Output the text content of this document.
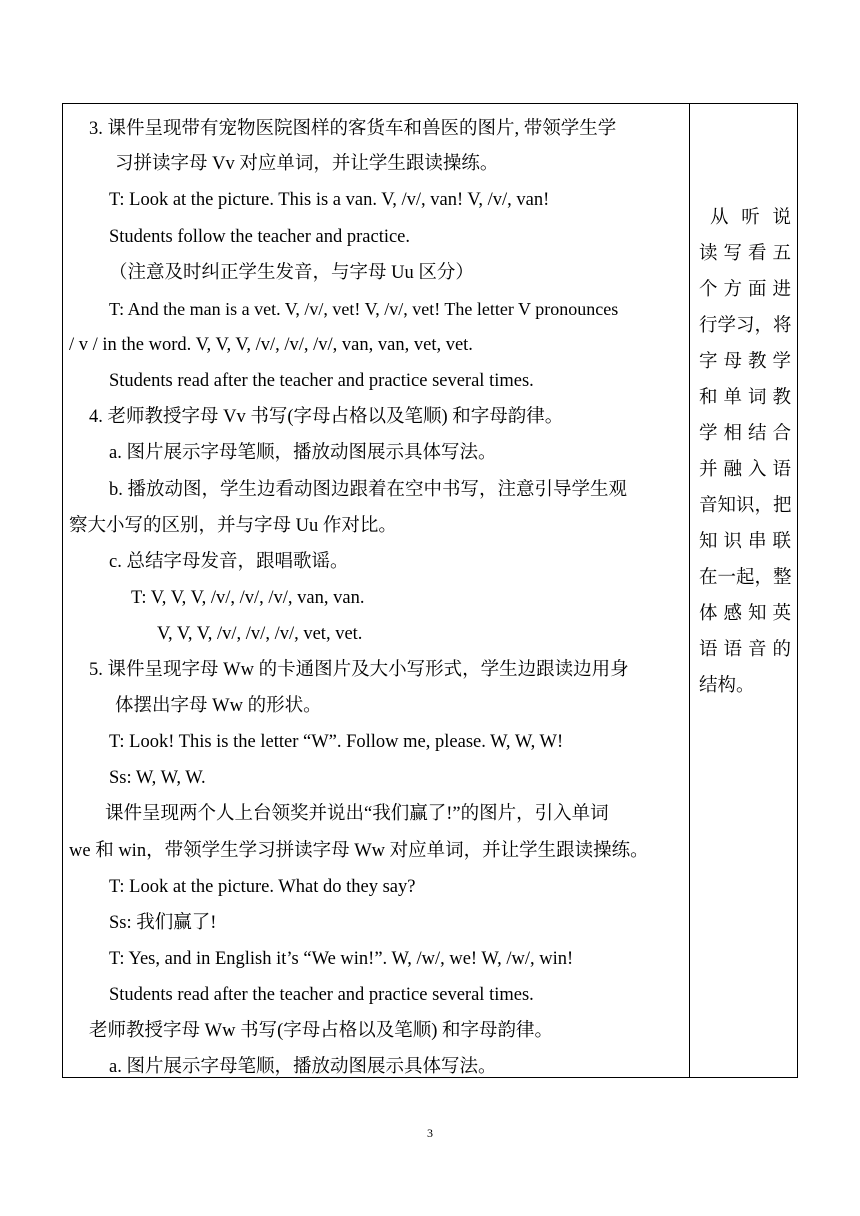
3. 课件呈现带有宠物医院图样的客货车和兽医的图片, 带领学生学
习拼读字母 Vv 对应单词，并让学生跟读操练。
T: Look at the picture. This is a van. V, /v/, van! V, /v/, van!
Students follow the teacher and practice.
（注意及时纠正学生发音，与字母 Uu 区分）
T: And the man is a vet. V, /v/, vet! V, /v/, vet! The letter V pronounces
/ v / in the word. V, V, V, /v/, /v/, /v/, van, van, vet, vet.
Students read after the teacher and practice several times.
4. 老师教授字母 Vv 书写(字母占格以及笔顺) 和字母韵律。
a. 图片展示字母笔顺，播放动图展示具体写法。
b. 播放动图，学生边看动图边跟着在空中书写，注意引导学生观
察大小写的区别，并与字母 Uu 作对比。
c. 总结字母发音，跟唱歌谣。
T: V, V, V, /v/, /v/, /v/, van, van.
V, V, V, /v/, /v/, /v/, vet, vet.
5. 课件呈现字母 Ww 的卡通图片及大小写形式，学生边跟读边用身
体摆出字母 Ww 的形状。
T: Look! This is the letter “W”. Follow me, please. W, W, W!
Ss: W, W, W.
课件呈现两个人上台领奖并说出“我们赢了!”的图片，引入单词
we 和 win，带领学生学习拼读字母 Ww 对应单词，并让学生跟读操练。
T: Look at the picture. What do they say?
Ss: 我们赢了!
T: Yes, and in English it’s “We win!”. W, /w/, we! W, /w/, win!
Students read after the teacher and practice several times.
老师教授字母 Ww 书写(字母占格以及笔顺) 和字母韵律。
a. 图片展示字母笔顺，播放动图展示具体写法。
从听说
读写看五
个方面进
行学习，将
字母教学
和单词教
学相结合
并融入语
音知识，把
知识串联
在一起，整
体感知英
语语音的
结构。
3
